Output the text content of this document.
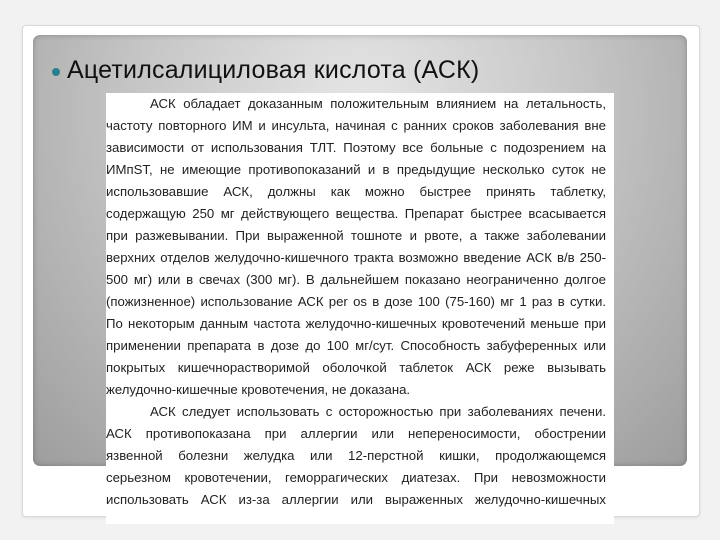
Ацетилсалициловая кислота (АСК)
АСК обладает доказанным положительным влиянием на летальность,
частоту повторного ИМ и инсульта, начиная с ранних сроков заболевания вне
зависимости от использования ТЛТ. Поэтому все больные с подозрением на
ИМпST, не имеющие противопоказаний и в предыдущие несколько суток не
использовавшие АСК, должны как можно быстрее принять таблетку,
содержащую 250 мг действующего вещества. Препарат быстрее всасывается
при разжевывании. При выраженной тошноте и рвоте, а также заболевании
верхних отделов желудочно-кишечного тракта возможно введение АСК в/в 250-
500 мг) или в свечах (300 мг). В дальнейшем показано неограниченно долгое
(пожизненное) использование АСК per os в дозе 100 (75-160) мг 1 раз в сутки.
По некоторым данным частота желудочно-кишечных кровотечений меньше при
применении препарата в дозе до 100 мг/сут. Способность забуференных или
покрытых кишечнорастворимой оболочкой таблеток АСК реже вызывать
желудочно-кишечные кровотечения, не доказана.
АСК следует использовать с осторожностью при заболеваниях печени.
АСК противопоказана при аллергии или непереносимости, обострении
язвенной болезни желудка или 12-перстной кишки, продолжающемся
серьезном кровотечении, геморрагических диатезах. При невозможности
использовать АСК из-за аллергии или выраженных желудочно-кишечных
